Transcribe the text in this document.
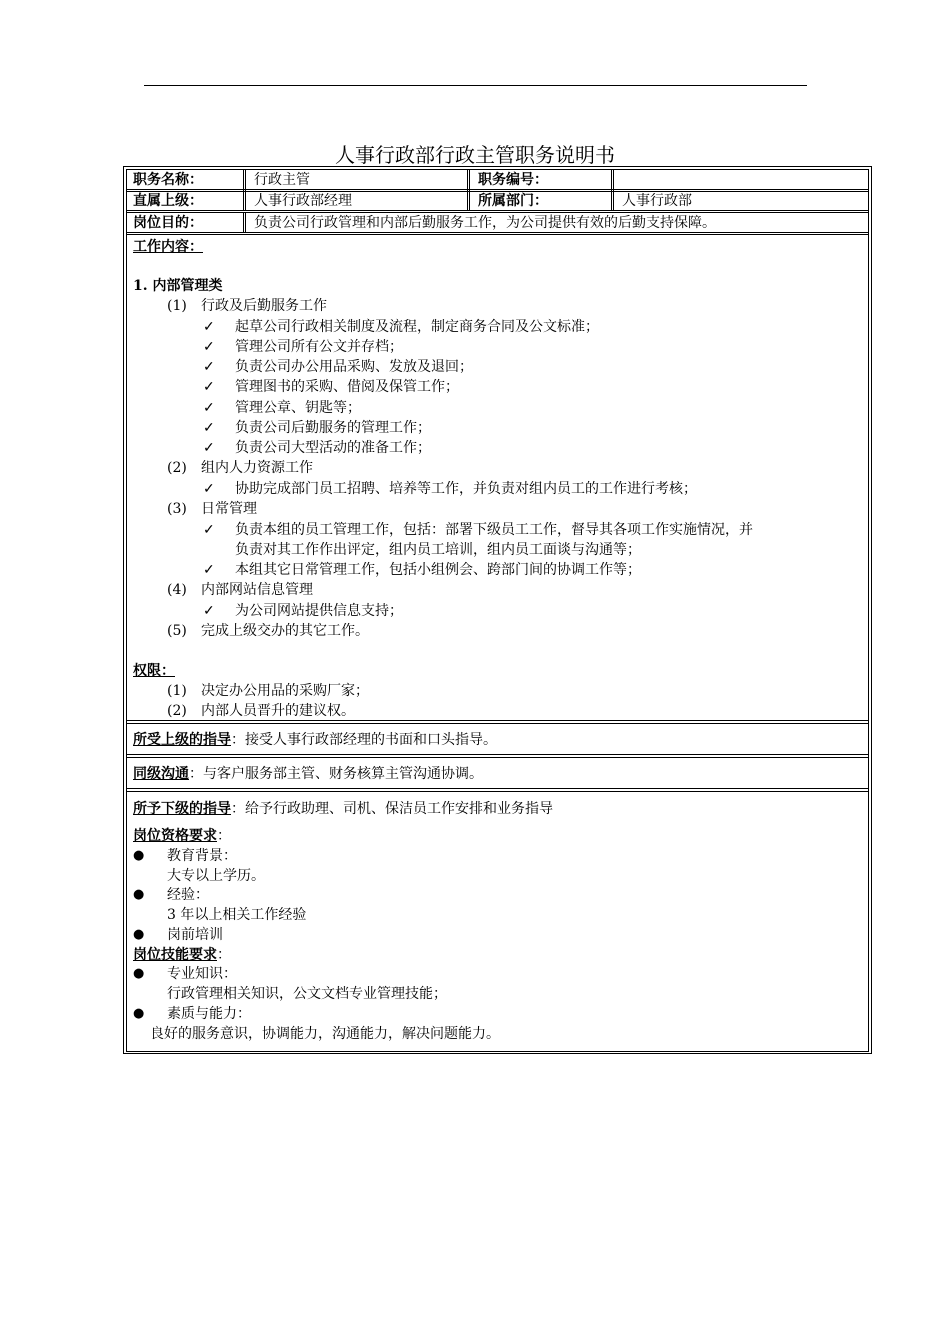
人事行政部行政主管职务说明书
职务名称：	行政主管	职务编号：
直属上级：	人事行政部经理	所属部门：	人事行政部
岗位目的：	负责公司行政管理和内部后勤服务工作，为公司提供有效的后勤支持保障。
工作内容：
1. 内部管理类
(1) 行政及后勤服务工作
✓ 起草公司行政相关制度及流程，制定商务合同及公文标准；
✓ 管理公司所有公文并存档；
✓ 负责公司办公用品采购、发放及退回；
✓ 管理图书的采购、借阅及保管工作；
✓ 管理公章、钥匙等；
✓ 负责公司后勤服务的管理工作；
✓ 负责公司大型活动的准备工作；
(2) 组内人力资源工作
✓ 协助完成部门员工招聘、培养等工作，并负责对组内员工的工作进行考核；
(3) 日常管理
✓ 负责本组的员工管理工作，包括：部署下级员工工作，督导其各项工作实施情况，并
负责对其工作作出评定，组内员工培训，组内员工面谈与沟通等；
✓ 本组其它日常管理工作，包括小组例会、跨部门间的协调工作等；
(4) 内部网站信息管理
✓ 为公司网站提供信息支持；
(5) 完成上级交办的其它工作。
权限：
(1) 决定办公用品的采购厂家；
(2) 内部人员晋升的建议权。
所受上级的指导：接受人事行政部经理的书面和口头指导。
同级沟通：与客户服务部主管、财务核算主管沟通协调。
所予下级的指导：给予行政助理、司机、保洁员工作安排和业务指导
岗位资格要求：
● 教育背景：
大专以上学历。
● 经验：
3 年以上相关工作经验
● 岗前培训
岗位技能要求：
● 专业知识：
行政管理相关知识，公文文档专业管理技能；
● 素质与能力：
良好的服务意识，协调能力，沟通能力，解决问题能力。
